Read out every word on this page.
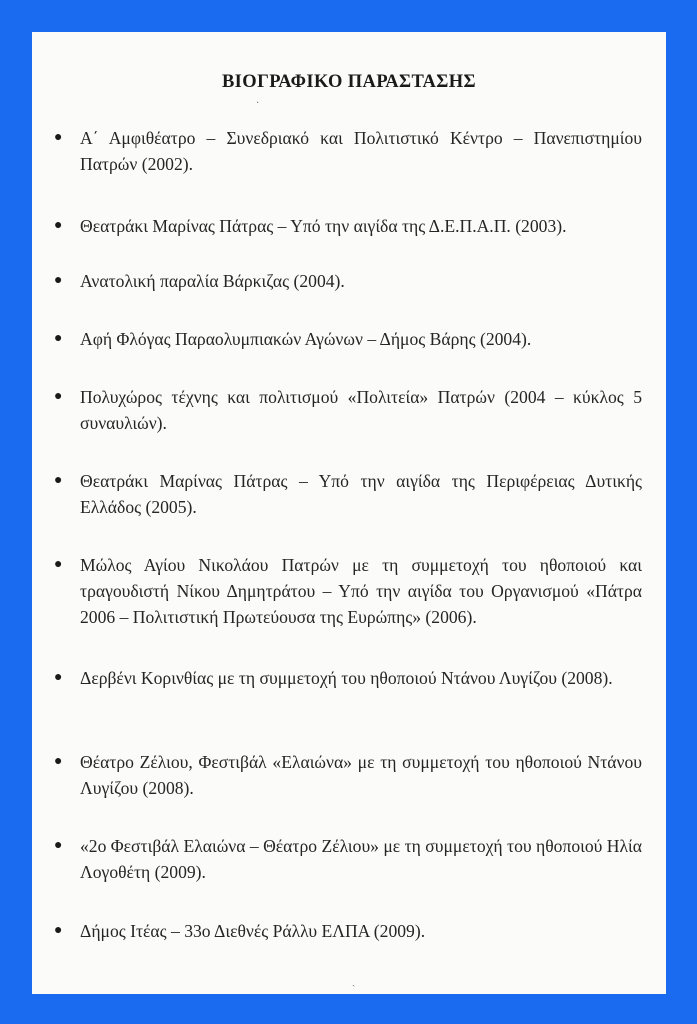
ΒΙΟΓΡΑΦΙΚΟ ΠΑΡΑΣΤΑΣΗΣ
● Α΄ Αμφιθέατρο – Συνεδριακό και Πολιτιστικό Κέντρο – Πανεπιστημίου Πατρών (2002).
● Θεατράκι Μαρίνας Πάτρας – Υπό την αιγίδα της Δ.Ε.Π.Α.Π. (2003).
● Ανατολική παραλία Βάρκιζας (2004).
● Αφή Φλόγας Παραολυμπιακών Αγώνων – Δήμος Βάρης (2004).
● Πολυχώρος τέχνης και πολιτισμού «Πολιτεία» Πατρών (2004 – κύκλος 5 συναυλιών).
● Θεατράκι Μαρίνας Πάτρας – Υπό την αιγίδα της Περιφέρειας Δυτικής Ελλάδος (2005).
● Μώλος Αγίου Νικολάου Πατρών με τη συμμετοχή του ηθοποιού και τραγουδιστή Νίκου Δημητράτου – Υπό την αιγίδα του Οργανισμού «Πάτρα 2006 – Πολιτιστική Πρωτεύουσα της Ευρώπης» (2006).
● Δερβένι Κορινθίας με τη συμμετοχή του ηθοποιού Ντάνου Λυγίζου (2008).
● Θέατρο Ζέλιου, Φεστιβάλ «Ελαιώνα» με τη συμμετοχή του ηθοποιού Ντάνου Λυγίζου (2008).
● «2ο Φεστιβάλ Ελαιώνα – Θέατρο Ζέλιου» με τη συμμετοχή του ηθοποιού Ηλία Λογοθέτη (2009).
● Δήμος Ιτέας – 33ο Διεθνές Ράλλυ ΕΛΠΑ (2009).
·
ˏ
